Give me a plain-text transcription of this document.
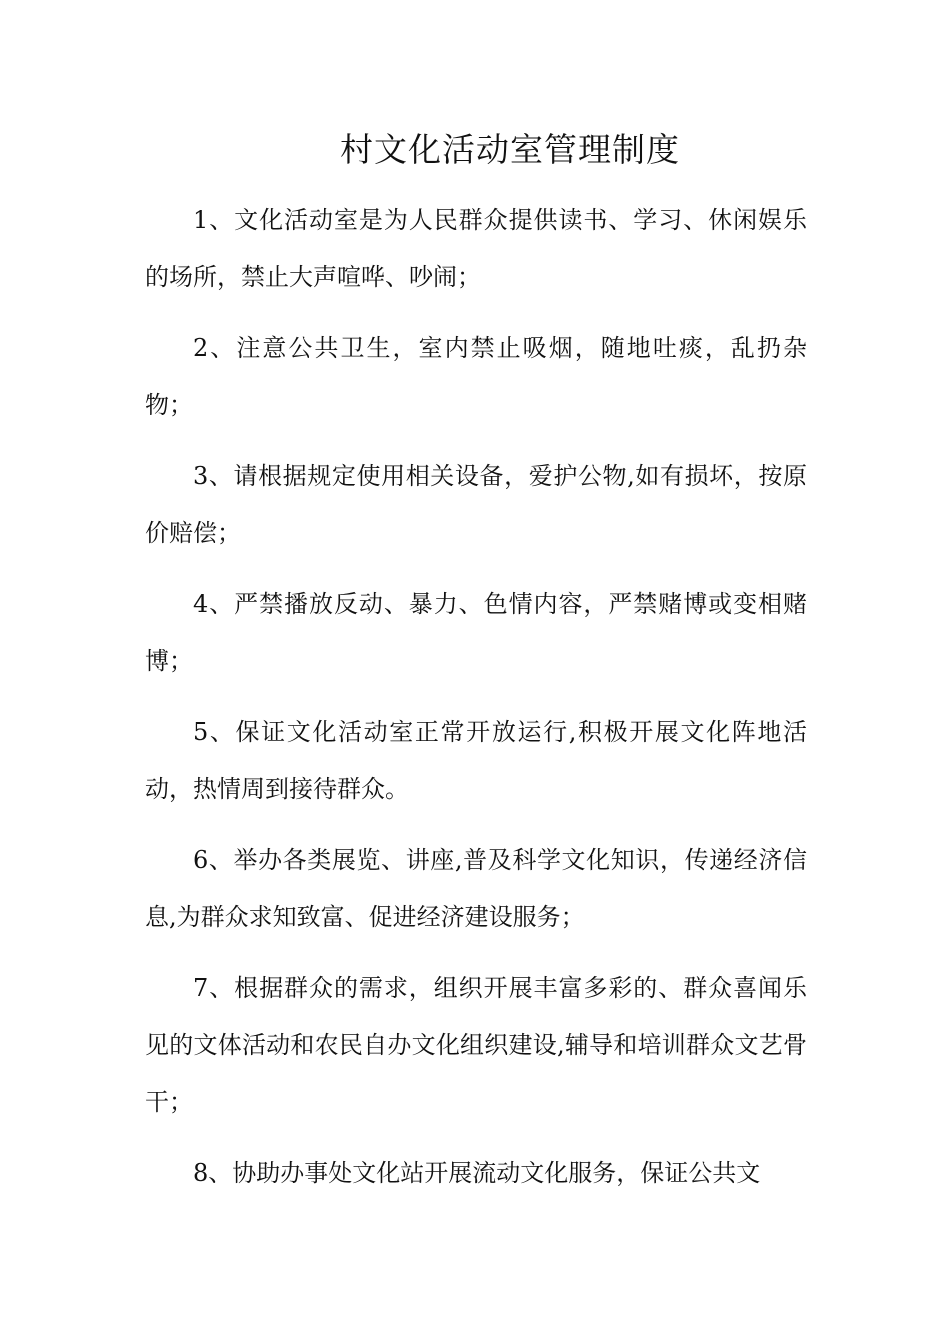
村文化活动室管理制度

1、文化活动室是为人民群众提供读书、学习、休闲娱乐的场所，禁止大声喧哗、吵闹；

2、注意公共卫生，室内禁止吸烟，随地吐痰，乱扔杂物；

3、请根据规定使用相关设备，爱护公物,如有损坏，按原价赔偿；

4、严禁播放反动、暴力、色情内容，严禁赌博或变相赌博；

5、保证文化活动室正常开放运行,积极开展文化阵地活动，热情周到接待群众。

6、举办各类展览、讲座,普及科学文化知识，传递经济信息,为群众求知致富、促进经济建设服务；

7、根据群众的需求，组织开展丰富多彩的、群众喜闻乐见的文体活动和农民自办文化组织建设,辅导和培训群众文艺骨干；

8、协助办事处文化站开展流动文化服务，保证公共文
